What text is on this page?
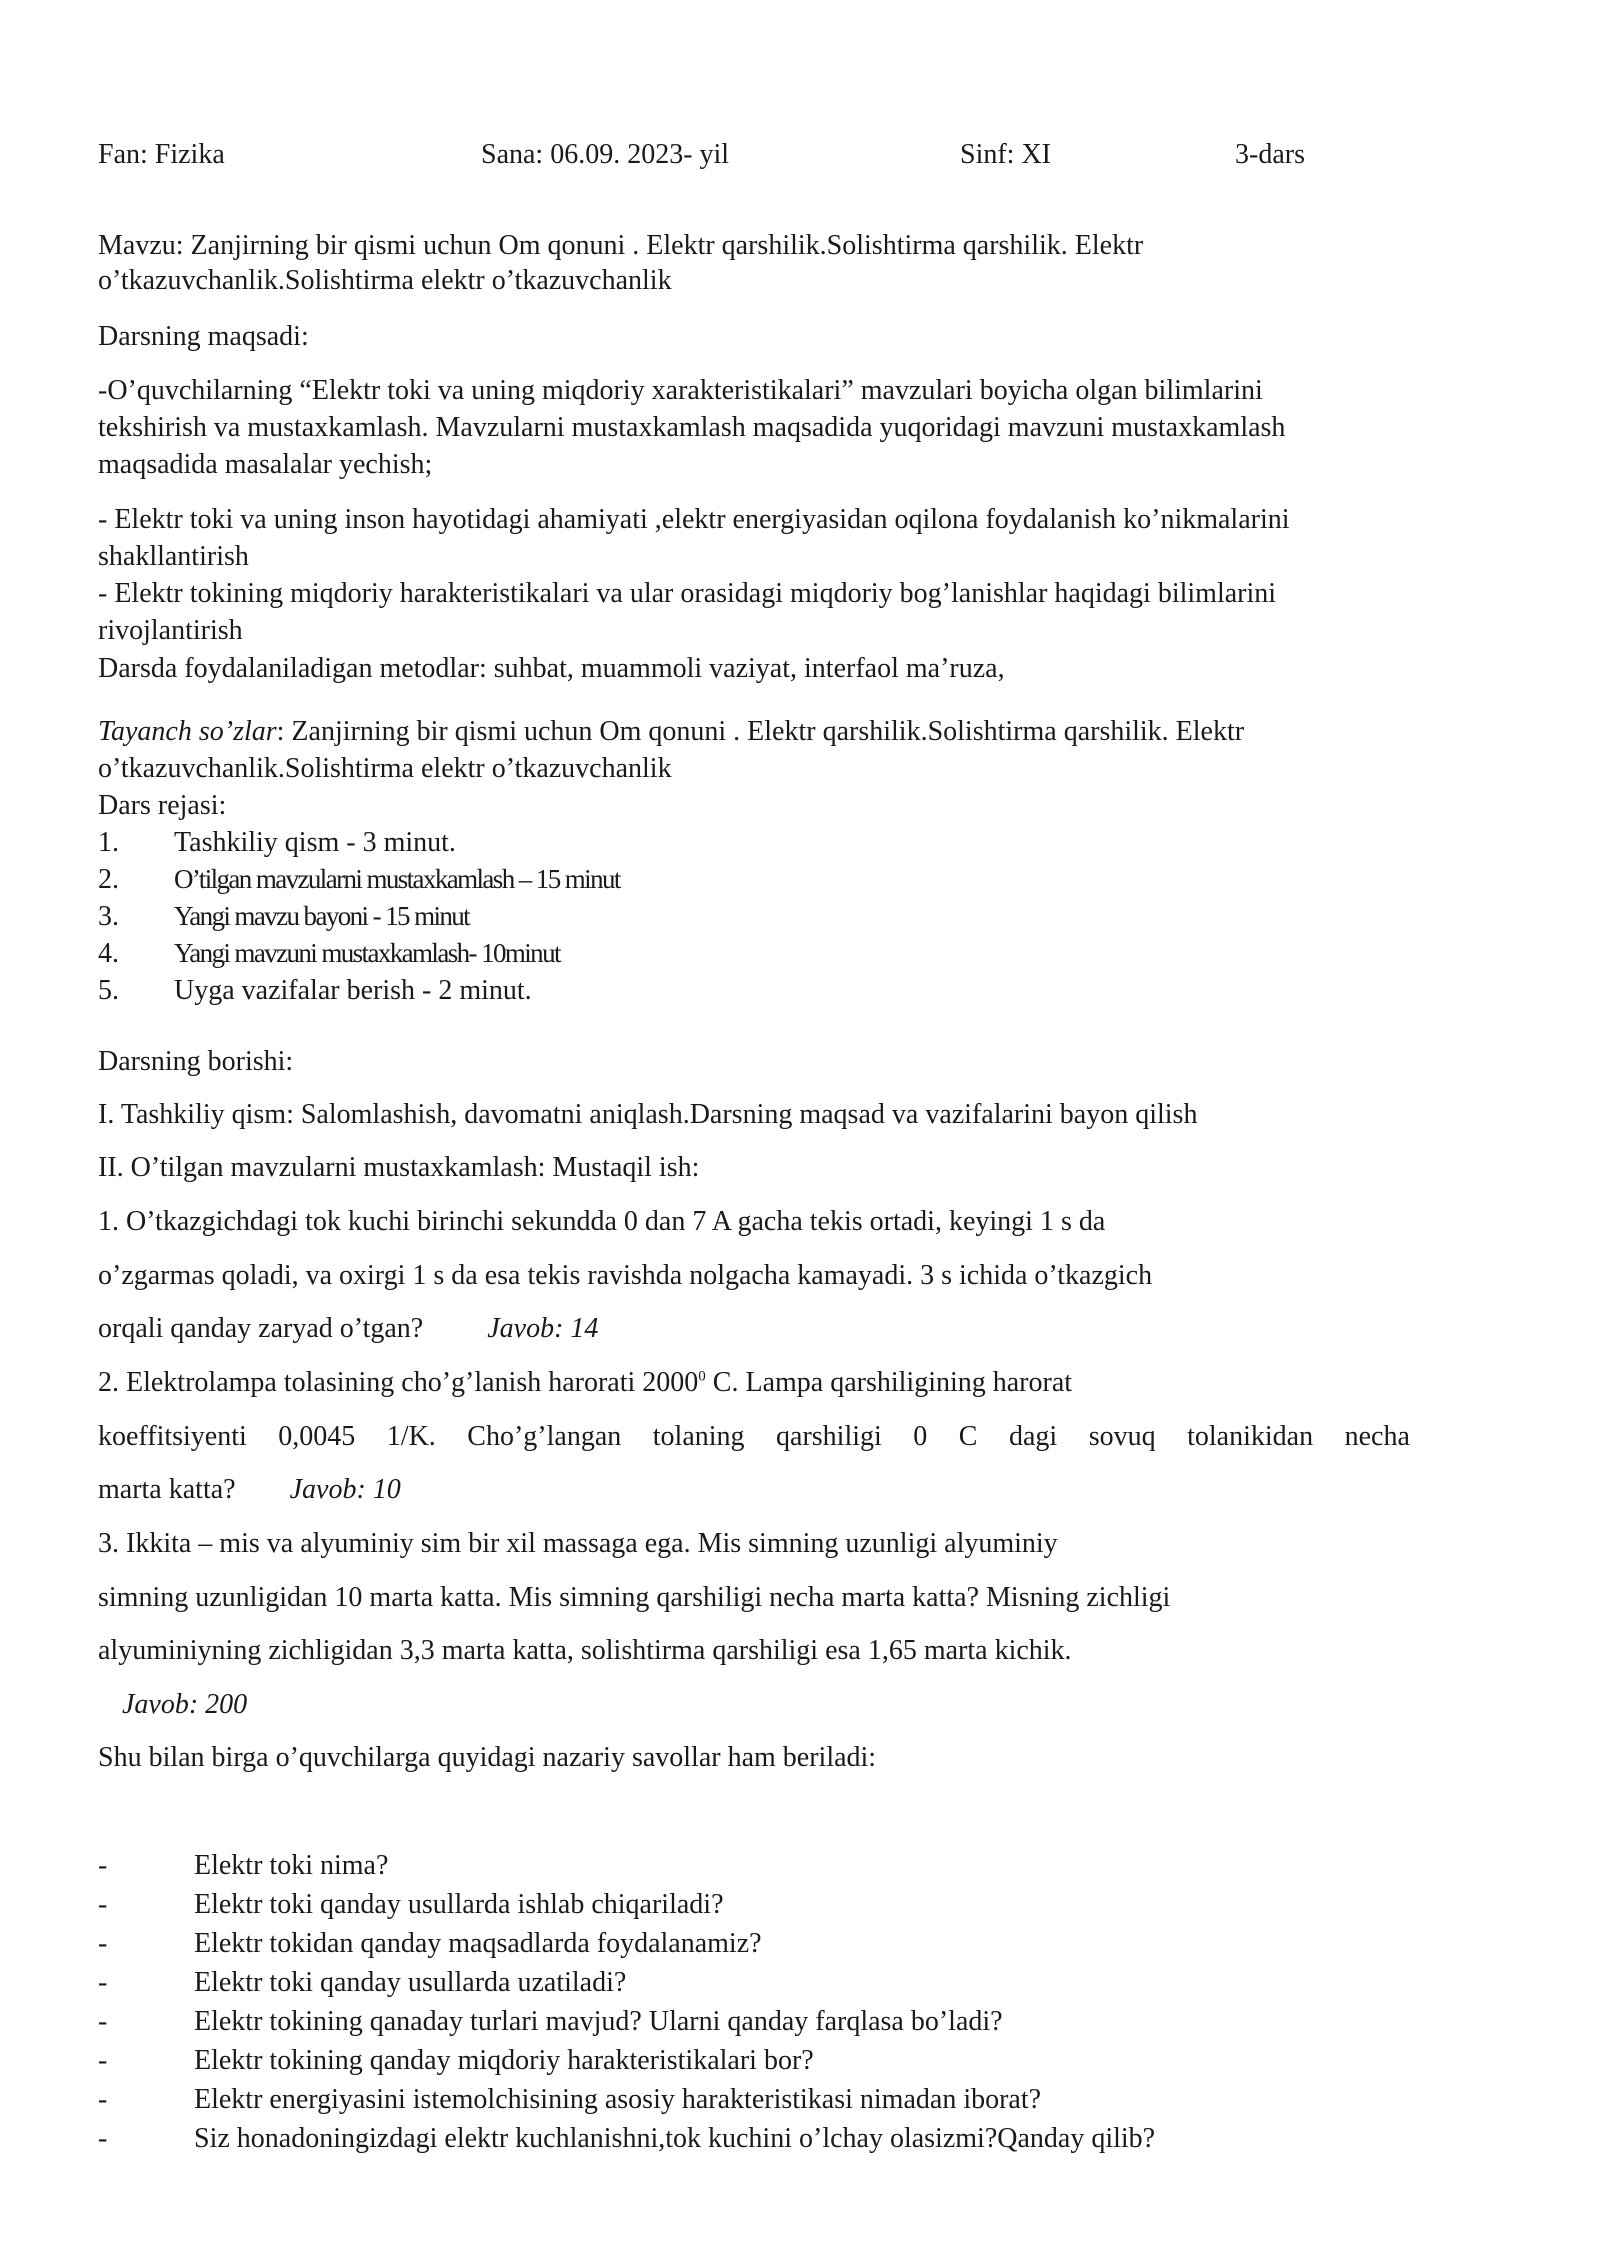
Fan: Fizika	Sana: 06.09. 2023- yil	Sinf: XI	3-dars
Mavzu: Zanjirning bir qismi uchun Om qonuni . Elektr qarshilik.Solishtirma qarshilik. Elektr
o’tkazuvchanlik.Solishtirma elektr o’tkazuvchanlik
Darsning maqsadi:
-O’quvchilarning “Elektr toki va uning miqdoriy xarakteristikalari” mavzulari boyicha olgan bilimlarini
tekshirish va mustaxkamlash. Mavzularni mustaxkamlash maqsadida yuqoridagi mavzuni mustaxkamlash
maqsadida masalalar yechish;
- Elektr toki va uning inson hayotidagi ahamiyati ,elektr energiyasidan oqilona foydalanish ko’nikmalarini
shakllantirish
- Elektr tokining miqdoriy harakteristikalari va ular orasidagi miqdoriy bog’lanishlar haqidagi bilimlarini
rivojlantirish
Darsda foydalaniladigan metodlar: suhbat, muammoli vaziyat, interfaol ma’ruza,
Tayanch so’zlar: Zanjirning bir qismi uchun Om qonuni . Elektr qarshilik.Solishtirma qarshilik. Elektr
o’tkazuvchanlik.Solishtirma elektr o’tkazuvchanlik
Dars rejasi:
1. Tashkiliy qism - 3 minut.
2. O’tilgan mavzularni mustaxkamlash – 15 minut
3. Yangi mavzu bayoni - 15 minut
4. Yangi mavzuni mustaxkamlash- 10minut
5. Uyga vazifalar berish - 2 minut.
Darsning borishi:
I. Tashkiliy qism: Salomlashish, davomatni aniqlash.Darsning maqsad va vazifalarini bayon qilish
II. O’tilgan mavzularni mustaxkamlash: Mustaqil ish:
1. O’tkazgichdagi tok kuchi birinchi sekundda 0 dan 7 A gacha tekis ortadi, keyingi 1 s da
o’zgarmas qoladi, va oxirgi 1 s da esa tekis ravishda nolgacha kamayadi. 3 s ichida o’tkazgich
orqali qanday zaryad o’tgan? Javob: 14
2. Elektrolampa tolasining cho’g’lanish harorati 2000$^0$ C. Lampa qarshiligining harorat
koeffitsiyenti 0,0045 1/K. Cho’g’langan tolaning qarshiligi 0 C dagi sovuq tolanikidan necha
marta katta? Javob: 10
3. Ikkita – mis va alyuminiy sim bir xil massaga ega. Mis simning uzunligi alyuminiy
simning uzunligidan 10 marta katta. Mis simning qarshiligi necha marta katta? Misning zichligi
alyuminiyning zichligidan 3,3 marta katta, solishtirma qarshiligi esa 1,65 marta kichik.
Javob: 200
Shu bilan birga o’quvchilarga quyidagi nazariy savollar ham beriladi:
-	Elektr toki nima?
-	Elektr toki qanday usullarda ishlab chiqariladi?
-	Elektr tokidan qanday maqsadlarda foydalanamiz?
-	Elektr toki qanday usullarda uzatiladi?
-	Elektr tokining qanaday turlari mavjud? Ularni qanday farqlasa bo’ladi?
-	Elektr tokining qanday miqdoriy harakteristikalari bor?
-	Elektr energiyasini istemolchisining asosiy harakteristikasi nimadan iborat?
-	Siz honadoningizdagi elektr kuchlanishni,tok kuchini o’lchay olasizmi?Qanday qilib?
